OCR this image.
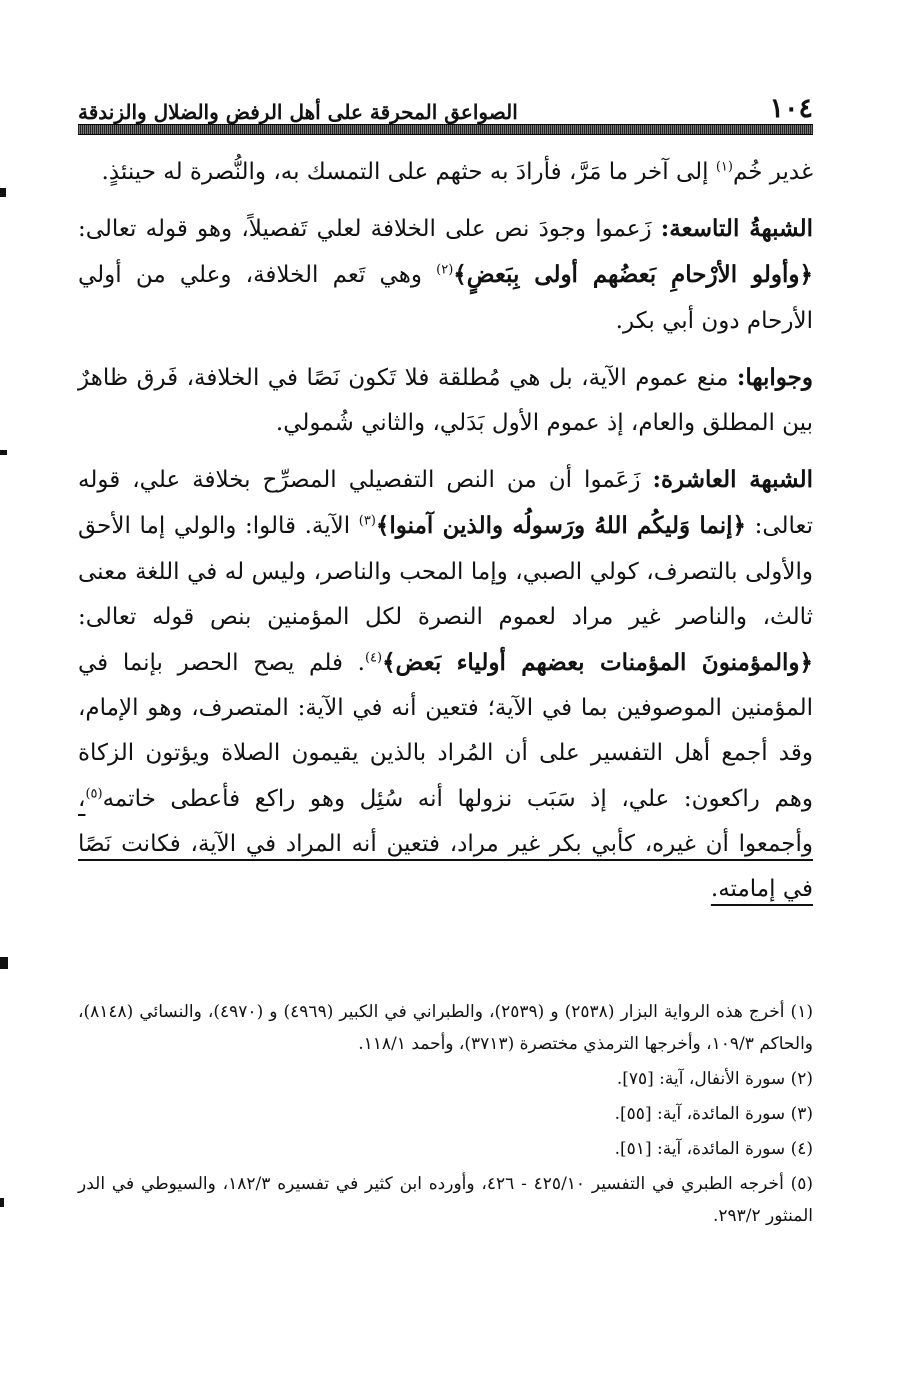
١٠٤
الصواعق المحرقة على أهل الرفض والضلال والزندقة

غدير خُم$^{(١)}$ إلى آخر ما مَرَّ، فأرادَ به حثهم على التمسك به، والنُّصرة له حينئذٍ.

الشبهةُ التاسعة: زَعموا وجودَ نص على الخلافة لعلي تَفصيلاً، وهو قوله تعالى: ﴿وأولو الأرْحامِ بَعضُهم أولى بِبَعضٍ﴾$^{(٢)}$ وهي تَعم الخلافة، وعلي من أولي الأرحام دون أبي بكر.

وجوابها: منع عموم الآية، بل هي مُطلقة فلا تَكون نَصًا في الخلافة، فَرق ظاهرٌ بين المطلق والعام، إذ عموم الأول بَدَلي، والثاني شُمولي.

الشبهة العاشرة: زَعَموا أن من النص التفصيلي المصرِّح بخلافة علي، قوله تعالى: ﴿إنما وَليكُم اللهُ ورَسولُه والذين آمنوا﴾$^{(٣)}$ الآية. قالوا: والولي إما الأحق والأولى بالتصرف، كولي الصبي، وإما المحب والناصر، وليس له في اللغة معنى ثالث، والناصر غير مراد لعموم النصرة لكل المؤمنين بنص قوله تعالى: ﴿والمؤمنونَ المؤمنات بعضهم أولياء بَعض﴾$^{(٤)}$. فلم يصح الحصر بإنما في المؤمنين الموصوفين بما في الآية؛ فتعين أنه في الآية: المتصرف، وهو الإمام، وقد أجمع أهل التفسير على أن المُراد بالذين يقيمون الصلاة ويؤتون الزكاة وهم راكعون: علي، إذ سَبَب نزولها أنه سُئِل وهو راكع فأعطى خاتمه$^{(٥)}$، وأجمعوا أن غيره، كأبي بكر غير مراد، فتعين أنه المراد في الآية، فكانت نَصًا في إمامته.

(١) أخرج هذه الرواية البزار (٢٥٣٨) و (٢٥٣٩)، والطبراني في الكبير (٤٩٦٩) و (٤٩٧٠)، والنسائي (٨١٤٨)، والحاكم ١٠٩/٣، وأخرجها الترمذي مختصرة (٣٧١٣)، وأحمد ١١٨/١.

(٢) سورة الأنفال، آية: [٧٥].

(٣) سورة المائدة، آية: [٥٥].

(٤) سورة المائدة، آية: [٥١].

(٥) أخرجه الطبري في التفسير ٤٢٥/١٠ - ٤٢٦، وأورده ابن كثير في تفسيره ١٨٢/٣، والسيوطي في الدر المنثور ٢٩٣/٢.
